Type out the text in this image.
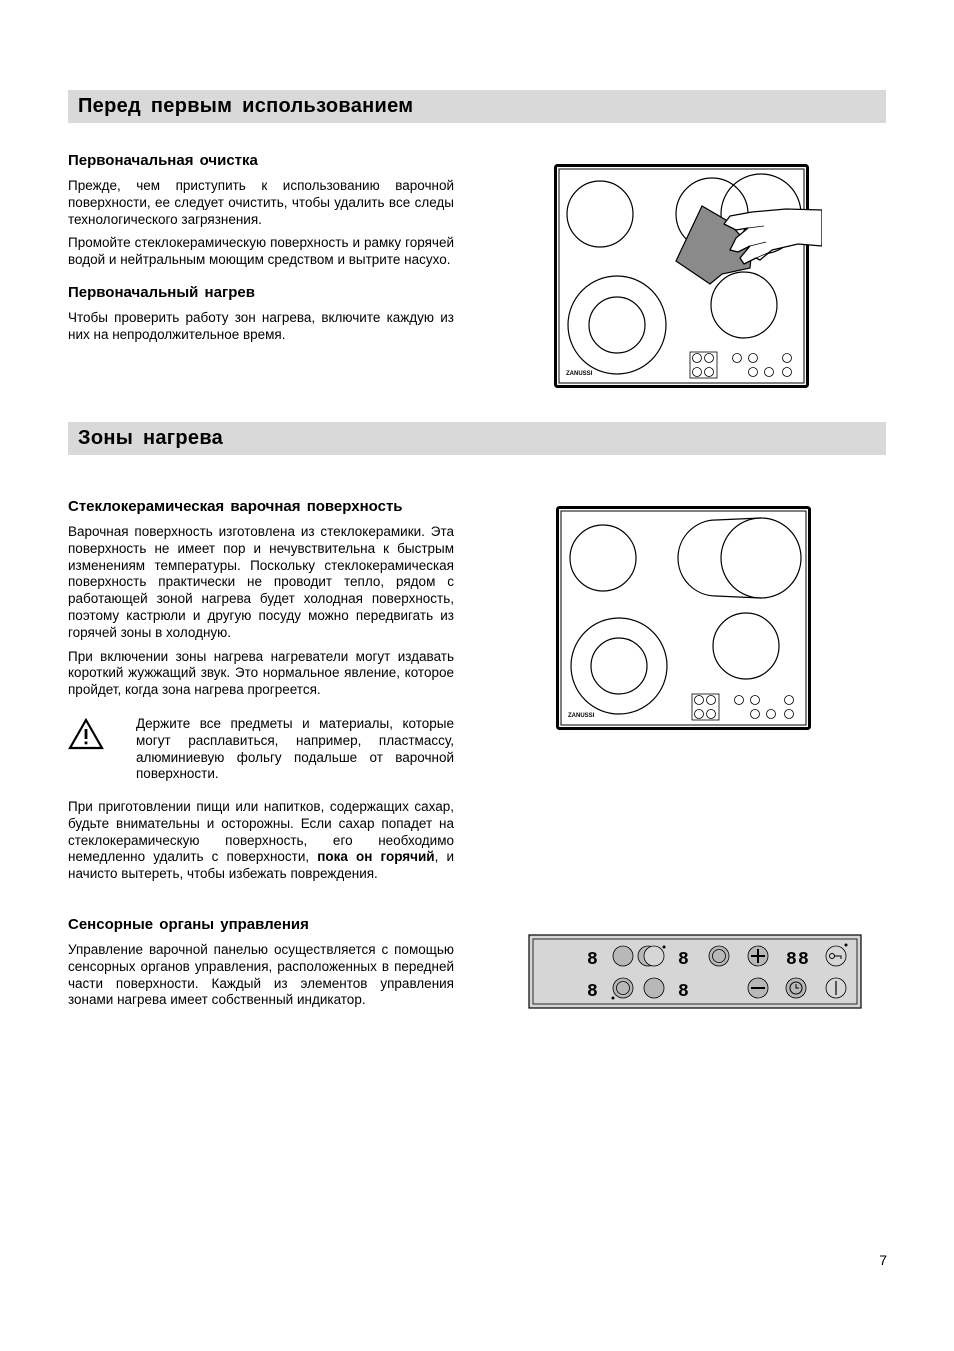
Перед первым использованием
Первоначальная очистка

Прежде, чем приступить к использованию варочной поверхности, ее следует очистить, чтобы удалить все следы технологического загрязнения.

Промойте стеклокерамическую поверхность и рамку горячей водой и нейтральным моющим средством и вытрите насухо.

Первоначальный нагрев

Чтобы проверить работу зон нагрева, включите каждую из них на непродолжительное время.

ZANUSSI
Зоны нагрева
Стеклокерамическая варочная поверхность

Варочная поверхность изготовлена из стеклокерамики. Эта поверхность не имеет пор и нечувствительна к быстрым изменениям температуры. Поскольку стеклокерамическая поверхность практически не проводит тепло, рядом с работающей зоной нагрева будет холодная поверхность, поэтому кастрюли и другую посуду можно передвигать из горячей зоны в холодную.

При включении зоны нагрева нагреватели могут издавать короткий жужжащий звук. Это нормальное явление, которое пройдет, когда зона нагрева прогреется.

Держите все предметы и материалы, которые могут расплавиться, например, пластмассу, алюминиевую фольгу подальше от варочной поверхности.

При приготовлении пищи или напитков, содержащих сахар, будьте внимательны и осторожны. Если сахар попадет на стеклокерамическую поверхность, его необходимо немедленно удалить с поверхности, пока он горячий, и начисто вытереть, чтобы избежать повреждения.

Сенсорные органы управления

Управление варочной панелью осуществляется с помощью сенсорных органов управления, расположенных в передней части поверхности. Каждый из элементов управления зонами нагрева имеет собственный индикатор.

ZANUSSI
8
8
8
8
8 8
7
